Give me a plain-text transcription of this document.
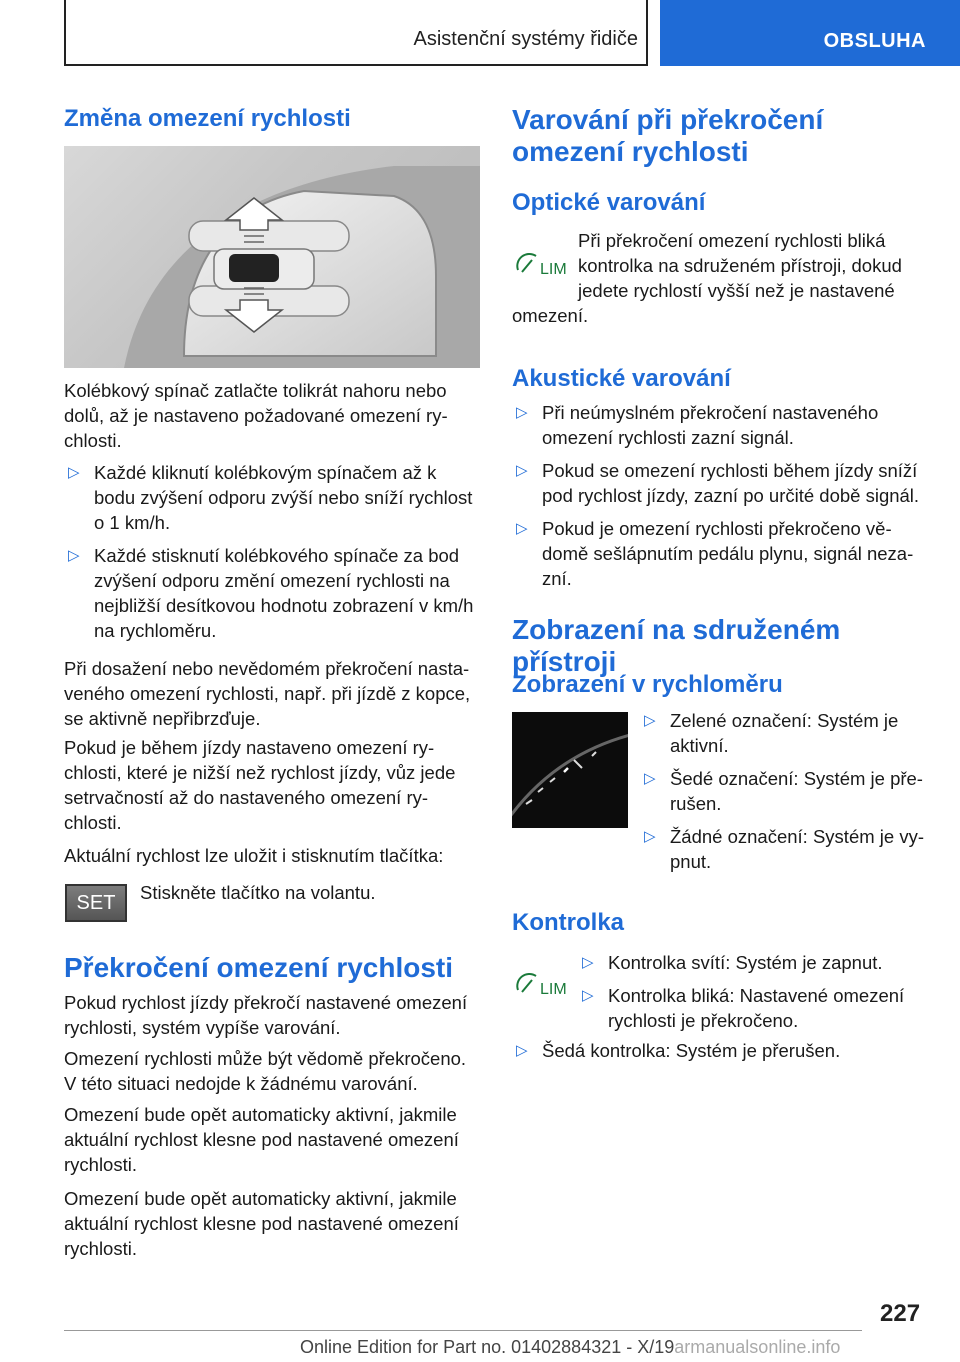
Asistenční systémy řidiče	OBSLUHA
Změna omezení rychlosti

Kolébkový spínač zatlačte tolikrát nahoru nebo dolů, až je nastaveno požadované omezení ry‐ chlosti.

▷ Každé kliknutí kolébkovým spínačem až k bodu zvýšení odporu zvýší nebo sníží rychlost o 1 km/h.
▷ Každé stisknutí kolébkového spínače za bod zvýšení odporu změní omezení rychlosti na nejbližší desítkovou hodnotu zobrazení v km/h na rychloměru.

Při dosažení nebo nevědomém překročení nasta‐ veného omezení rychlosti, např. při jízdě z kopce, se aktivně nepřibrzďuje.

Pokud je během jízdy nastaveno omezení ry‐ chlosti, které je nižší než rychlost jízdy, vůz jede setrvačností až do nastaveného omezení ry‐ chlosti.

Aktuální rychlost lze uložit i stisknutím tlačítka:

SET Stiskněte tlačítko na volantu.

Překročení omezení rychlosti

Pokud rychlost jízdy překročí nastavené omezení rychlosti, systém vypíše varování.

Omezení rychlosti může být vědomě překročeno. V této situaci nedojde k žádnému varování.

Omezení bude opět automaticky aktivní, jakmile aktuální rychlost klesne pod nastavené omezení rychlosti.

Omezení bude opět automaticky aktivní, jakmile aktuální rychlost klesne pod nastavené omezení rychlosti.

Varování při překročení omezení rychlosti
Optické varování
LIM

Při překročení omezení rychlosti bliká kontrolka na sdruženém přístroji, dokud jedete rychlostí vyšší než je nastavené

omezení.

Akustické varování
▷ Při neúmyslném překročení nastaveného omezení rychlosti zazní signál.
▷ Pokud se omezení rychlosti během jízdy sníží pod rychlost jízdy, zazní po určité době signál.
▷ Pokud je omezení rychlosti překročeno vě‐ domě sešlápnutím pedálu plynu, signál neza‐ zní.
Zobrazení na sdruženém přístroji
Zobrazení v rychloměru
▷ Zelené označení: Systém je aktivní.
▷ Šedé označení: Systém je pře‐ rušen.
▷ Žádné označení: Systém je vy‐ pnut.
Kontrolka
LIM
▷ Kontrolka svítí: Systém je zapnut.
▷ Kontrolka bliká: Nastavené omezení rychlosti je překročeno.
▷ Šedá kontrolka: Systém je přerušen.
227
Online Edition for Part no. 01402884321 - X/19armanualsonline.info
